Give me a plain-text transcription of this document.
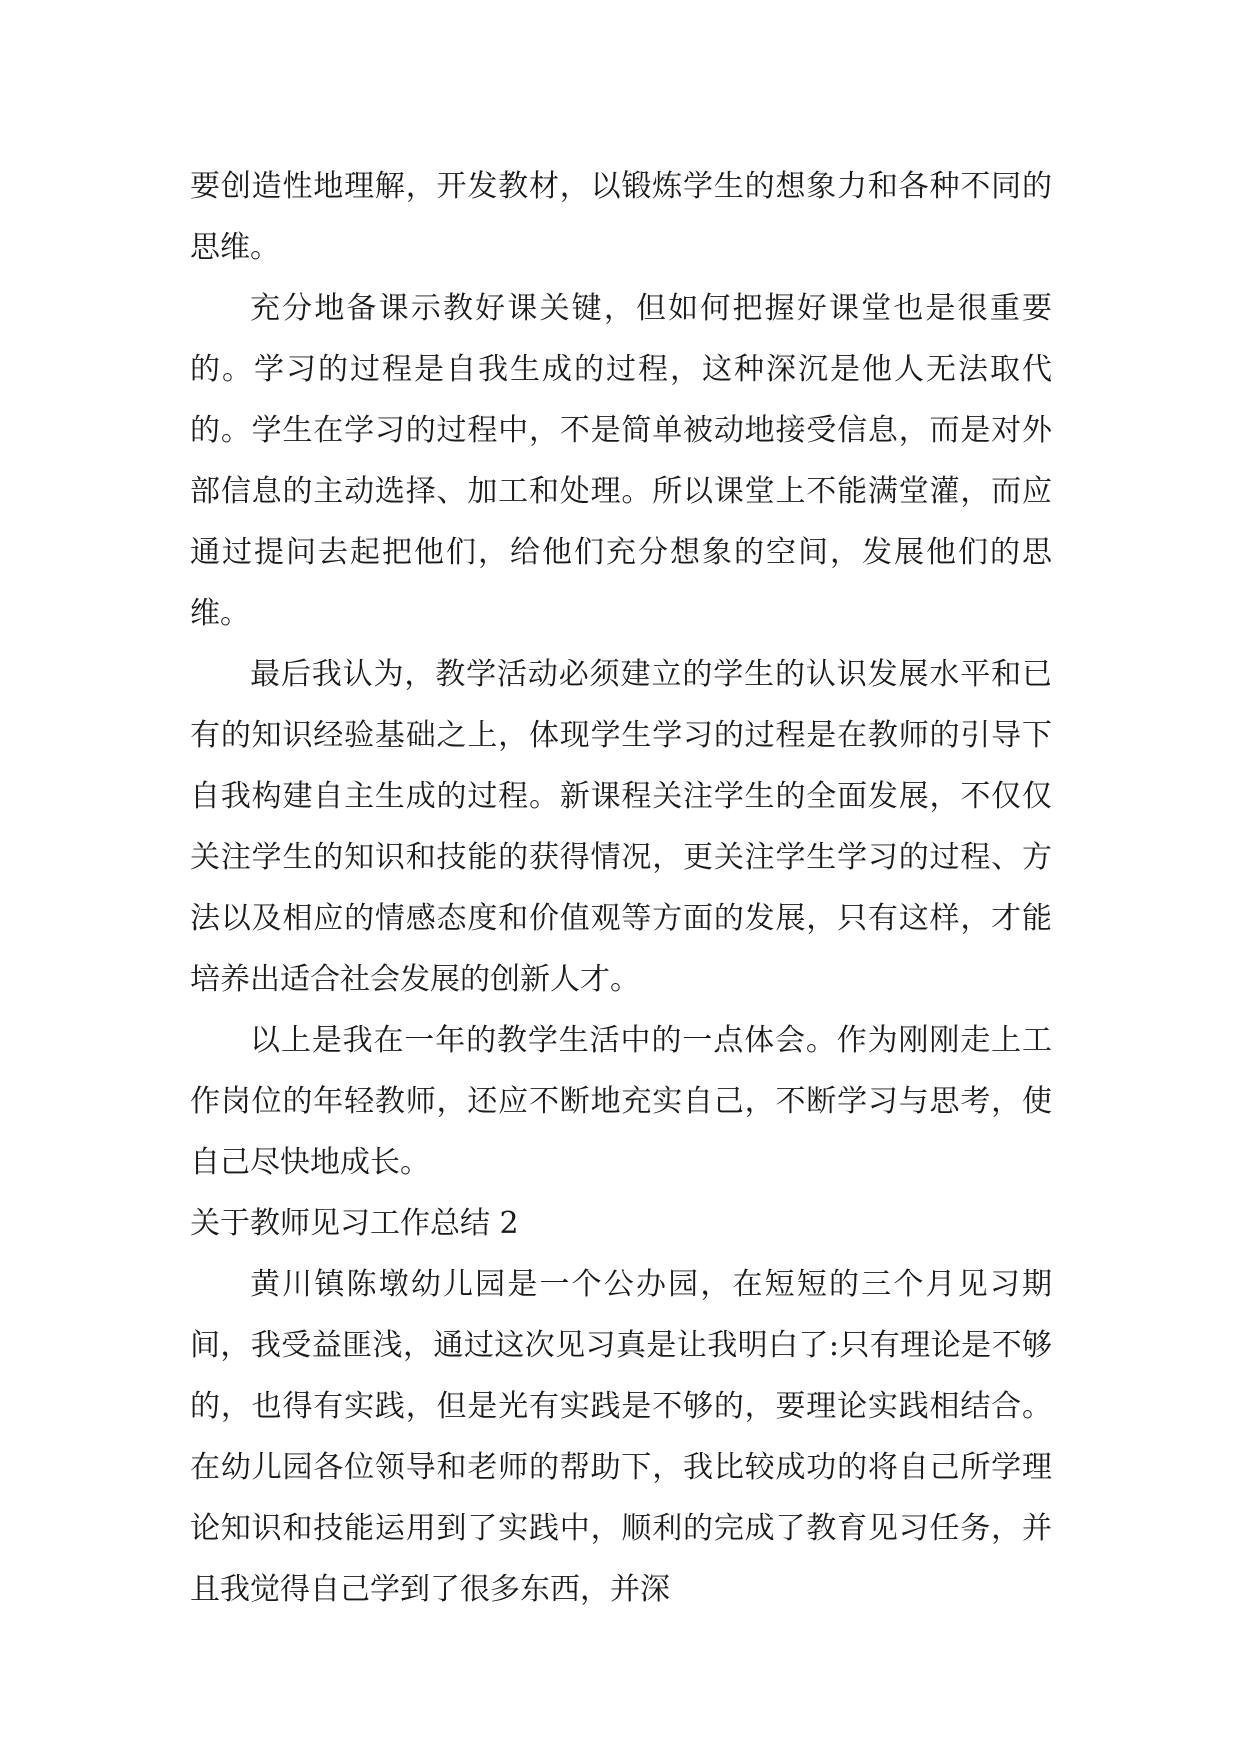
要创造性地理解，开发教材，以锻炼学生的想象力和各种不同的思维。

充分地备课示教好课关键，但如何把握好课堂也是很重要的。学习的过程是自我生成的过程，这种深沉是他人无法取代的。学生在学习的过程中，不是简单被动地接受信息，而是对外部信息的主动选择、加工和处理。所以课堂上不能满堂灌，而应通过提问去起把他们，给他们充分想象的空间，发展他们的思维。

最后我认为，教学活动必须建立的学生的认识发展水平和已有的知识经验基础之上，体现学生学习的过程是在教师的引导下自我构建自主生成的过程。新课程关注学生的全面发展，不仅仅关注学生的知识和技能的获得情况，更关注学生学习的过程、方法以及相应的情感态度和价值观等方面的发展，只有这样，才能培养出适合社会发展的创新人才。

以上是我在一年的教学生活中的一点体会。作为刚刚走上工作岗位的年轻教师，还应不断地充实自己，不断学习与思考，使自己尽快地成长。

关于教师见习工作总结 2

黄川镇陈墩幼儿园是一个公办园，在短短的三个月见习期间，我受益匪浅，通过这次见习真是让我明白了:只有理论是不够的，也得有实践，但是光有实践是不够的，要理论实践相结合。在幼儿园各位领导和老师的帮助下，我比较成功的将自己所学理论知识和技能运用到了实践中，顺利的完成了教育见习任务，并且我觉得自己学到了很多东西，并深
